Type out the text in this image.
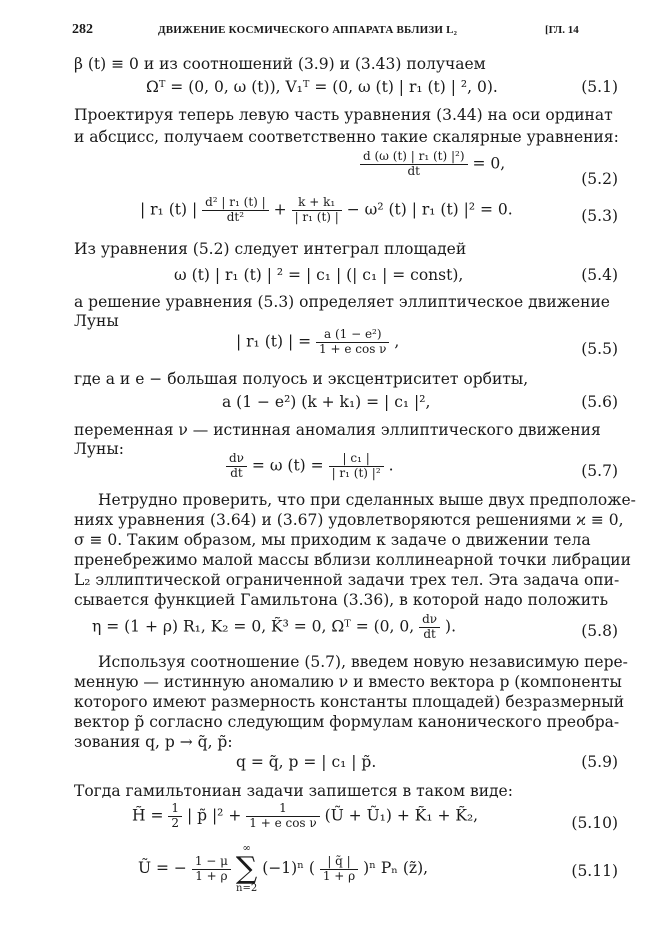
282	ДВИЖЕНИЕ КОСМИЧЕСКОГО АППАРАТА ВБЛИЗИ L₂	[ГЛ. 14
β (t) ≡ 0 и из соотношений (3.9) и (3.43) получаем
Ωᵀ = (0, 0, ω (t)), V₁ᵀ = (0, ω (t) | r₁ (t) | ², 0).	(5.1)
Проектируя теперь левую часть уравнения (3.44) на оси ординат
и абсцисс, получаем соответственно такие скалярные уравнения:
$\frac{\text{d (ω (t) | r₁ (t) |²)}}{dt} = 0$,
(5.2)
| r₁ (t) | $\frac{\text{d² | r₁ (t) |}}{\text{dt²}} + \frac{\text{k + k₁}}{\text{| r₁ (t) |}} - \omega^2$ (t) | r₁ (t) |² = 0.	(5.3)
Из уравнения (5.2) следует интеграл площадей
ω (t) | r₁ (t) | ² = | c₁ | (| c₁ | = const),	(5.4)
а решение уравнения (5.3) определяет эллиптическое движение
Луны
| r₁ (t) | = $\frac{\text{a (1 − e²)}}{\text{1 + e cos ν}}$ ,	(5.5)
где a и e − большая полуось и эксцентриситет орбиты,
a (1 − e²) (k + k₁) = | c₁ |²,	(5.6)
переменная ν — истинная аномалия эллиптического движения
Луны:
$\frac{d\nu}{dt} = \omega$ $(t) = \frac{\text{| c₁ |}}{\text{| r₁ (t) |²}}$ .	(5.7)
Нетрудно проверить, что при сделанных выше двух предположе-
ниях уравнения (3.64) и (3.67) удовлетворяются решениями ϰ ≡ 0,
σ ≡ 0. Таким образом, мы приходим к задаче о движении тела
пренебрежимо малой массы вблизи коллинеарной точки либрации
L₂ эллиптической ограниченной задачи трех тел. Эта задача опи-
сывается функцией Гамильтона (3.36), в которой надо положить
η = (1 + ρ) R₁, K₂ = 0, K̃³ = 0, Ωᵀ = (0, 0, $\frac{d\nu}{dt}$ ).	(5.8)
Используя соотношение (5.7), введем новую независимую пере-
менную — истинную аномалию ν и вместо вектора p (компоненты
которого имеют размерность константы площадей) безразмерный
вектор p̃ согласно следующим формулам канонического преобра-
зования q, p → q̃, p̃:
q = q̃, p = | c₁ | p̃.	(5.9)
Тогда гамильтониан задачи запишется в таком виде:
H̃ = $\frac{1}{2}$ | p̃ $|^2 + \frac{1}{\text{1 + e cos ν}}$ (Ũ + Ũ₁) + K̃₁ + K̃₂,	(5.10)
Ũ = − $\frac{1 - \mu}{1 + \rho}$

∞
∑
n=2
(−1)ⁿ ( $\frac{| q̃ |}{1 + \rho} )^n$ Pₙ (z̃),	(5.11)
